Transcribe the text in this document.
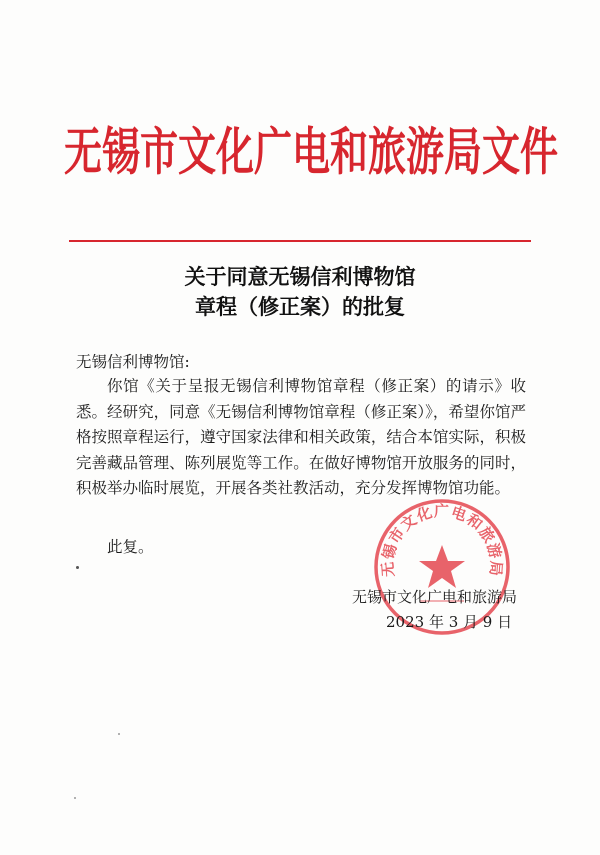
无锡市文化广电和旅游局文件
关于同意无锡信利博物馆
章程（修正案）的批复
无锡信利博物馆:
你馆《关于呈报无锡信利博物馆章程（修正案）的请示》收悉。经研究，同意《无锡信利博物馆章程（修正案）》，希望你馆严格按照章程运行，遵守国家法律和相关政策，结合本馆实际，积极完善藏品管理、陈列展览等工作。在做好博物馆开放服务的同时，积极举办临时展览，开展各类社教活动，充分发挥博物馆功能。
此复。
无锡市文化广电和旅游局
无锡市文化广电和旅游局
2023 年 3 月 9 日
